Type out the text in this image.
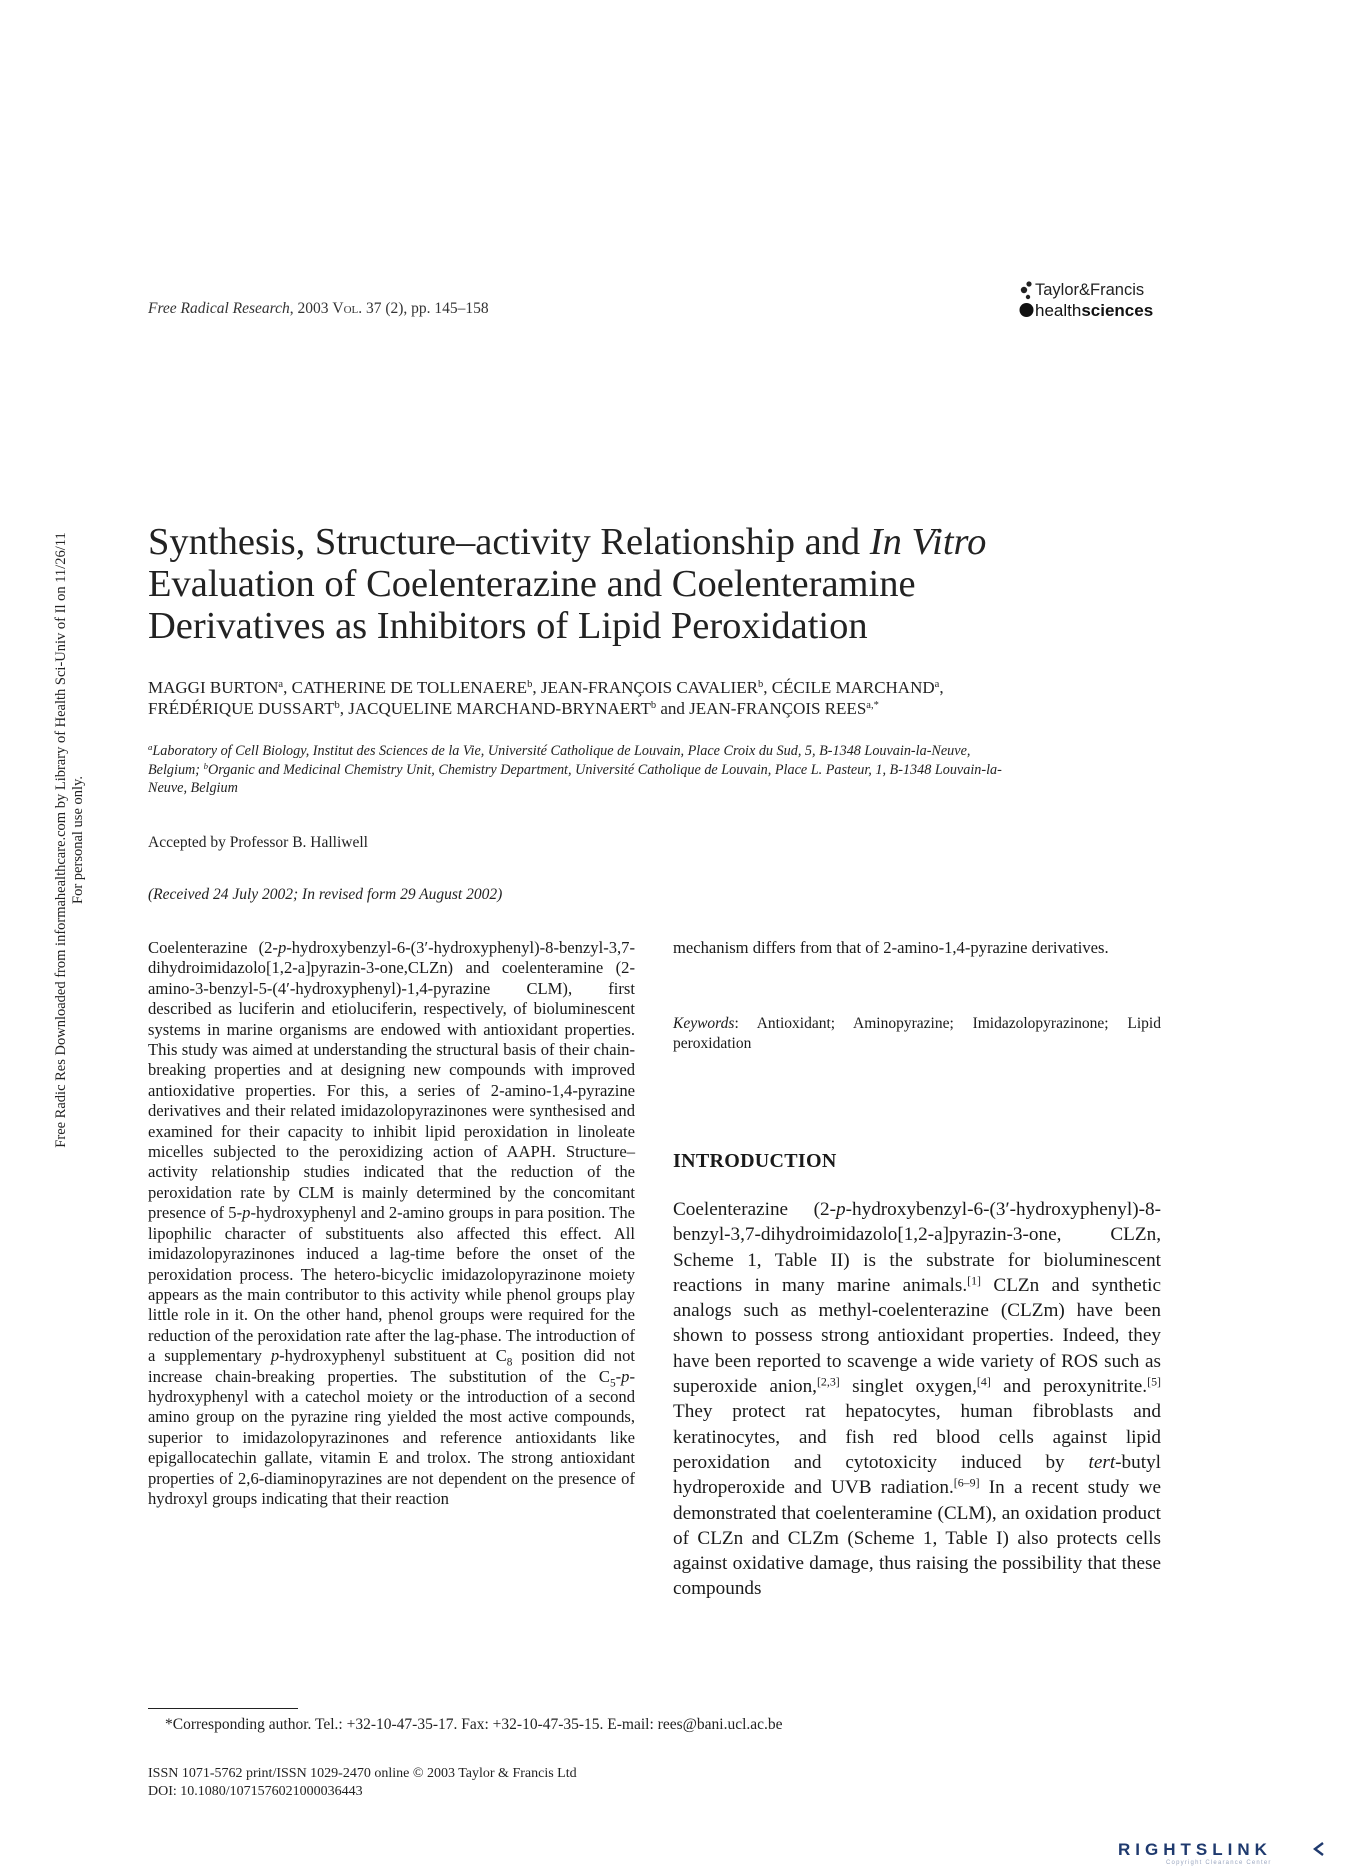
Free Radic Res Downloaded from informahealthcare.com by Library of Health Sci-Univ of Il on 11/26/11 For personal use only.
Free Radical Research, 2003 Vol. 37 (2), pp. 145–158
Taylor&Francis
healthsciences
Synthesis, Structure–activity Relationship and In Vitro
Evaluation of Coelenterazine and Coelenteramine
Derivatives as Inhibitors of Lipid Peroxidation
MAGGI BURTON$^a$, CATHERINE DE TOLLENAERE$^b$, JEAN-FRANÇOIS CAVALIER$^b$, CÉCILE MARCHAND$^a$,
FRÉDÉRIQUE DUSSART$^b$, JACQUELINE MARCHAND-BRYNAERT$^b$ and JEAN-FRANÇOIS $REES^{a,*}$
$^a$Laboratory of Cell Biology, Institut des Sciences de la Vie, Université Catholique de Louvain, Place Croix du Sud, 5, B-1348 Louvain-la-Neuve,
Belgium; $^b$Organic and Medicinal Chemistry Unit, Chemistry Department, Université Catholique de Louvain, Place L. Pasteur, 1, B-1348 Louvain-la-
Neuve, Belgium
Accepted by Professor B. Halliwell
(Received 24 July 2002; In revised form 29 August 2002)
Coelenterazine (2-p-hydroxybenzyl-6-(3′-hydroxyphenyl)-8-benzyl-3,7-dihydroimidazolo[1,2-a]pyrazin-3-one,CLZn) and coelenteramine (2-amino-3-benzyl-5-(4′-hydroxyphenyl)-1,4-pyrazine CLM), first described as luciferin and etioluciferin, respectively, of bioluminescent systems in marine organisms are endowed with antioxidant properties. This study was aimed at understanding the structural basis of their chain-breaking properties and at designing new compounds with improved antioxidative properties. For this, a series of 2-amino-1,4-pyrazine derivatives and their related imidazolopyrazinones were synthesised and examined for their capacity to inhibit lipid peroxidation in linoleate micelles subjected to the peroxidizing action of AAPH. Structure–activity relationship studies indicated that the reduction of the peroxidation rate by CLM is mainly determined by the concomitant presence of 5-p-hydroxyphenyl and 2-amino groups in para position. The lipophilic character of substituents also affected this effect. All imidazolopyrazinones induced a lag-time before the onset of the peroxidation process. The hetero-bicyclic imidazolopyrazinone moiety appears as the main contributor to this activity while phenol groups play little role in it. On the other hand, phenol groups were required for the reduction of the peroxidation rate after the lag-phase. The introduction of a supplementary p-hydroxyphenyl substituent at $C_8$ position did not increase chain-breaking properties. The substitution of the $C_5-p$-hydroxyphenyl with a catechol moiety or the introduction of a second amino group on the pyrazine ring yielded the most active compounds, superior to imidazolopyrazinones and reference antioxidants like epigallocatechin gallate, vitamin E and trolox. The strong antioxidant properties of 2,6-diaminopyrazines are not dependent on the presence of hydroxyl groups indicating that their reaction
mechanism differs from that of 2-amino-1,4-pyrazine derivatives.
Keywords: Antioxidant; Aminopyrazine; Imidazolopyrazinone; Lipid peroxidation
INTRODUCTION
Coelenterazine (2-p-hydroxybenzyl-6-(3′-hydroxyphenyl)-8-benzyl-3,7-dihydroimidazolo[1,2-a]pyrazin-3-one, CLZn, Scheme 1, Table II) is the substrate for bioluminescent reactions in many marine animals.[1] CLZn and synthetic analogs such as methyl-coelenterazine (CLZm) have been shown to possess strong antioxidant properties. Indeed, they have been reported to scavenge a wide variety of ROS such as superoxide anion,[2,3] singlet oxygen,[4] and peroxynitrite.[5] They protect rat hepatocytes, human fibroblasts and keratinocytes, and fish red blood cells against lipid peroxidation and cytotoxicity induced by tert-butyl hydroperoxide and UVB radiation.[6–9] In a recent study we demonstrated that coelenteramine (CLM), an oxidation product of CLZn and CLZm (Scheme 1, Table I) also protects cells against oxidative damage, thus raising the possibility that these compounds
*Corresponding author. Tel.: +32-10-47-35-17. Fax: +32-10-47-35-15. E-mail: rees@bani.ucl.ac.be
ISSN 1071-5762 print/ISSN 1029-2470 online © 2003 Taylor & Francis Ltd
DOI: 10.1080/1071576021000036443
RIGHTSLINK
Copyright Clearance Center
